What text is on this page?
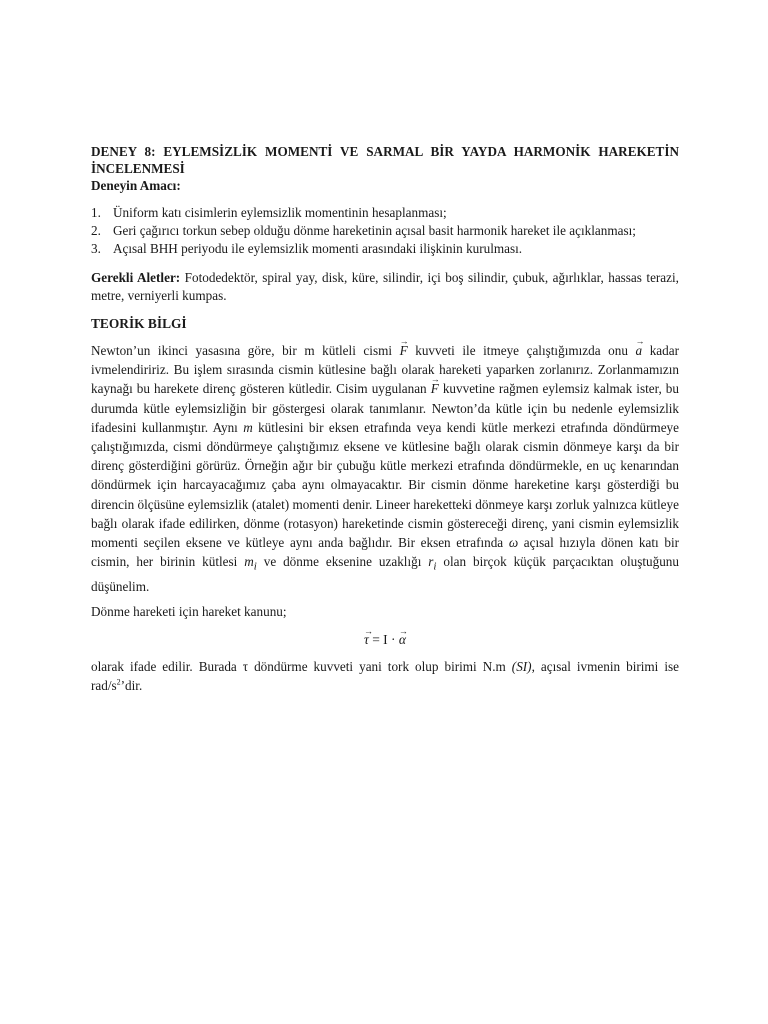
DENEY 8: EYLEMSİZLİK MOMENTİ VE SARMAL BİR YAYDA HARMONİK HAREKETİN İNCELENMESİ

Deneyin Amacı:

1. Üniform katı cisimlerin eylemsizlik momentinin hesaplanması;
2. Geri çağırıcı torkun sebep olduğu dönme hareketinin açısal basit harmonik hareket ile açıklanması;
3. Açısal BHH periyodu ile eylemsizlik momenti arasındaki ilişkinin kurulması.

Gerekli Aletler: Fotodedektör, spiral yay, disk, küre, silindir, içi boş silindir, çubuk, ağırlıklar, hassas terazi, metre, verniyerli kumpas.

TEORİK BİLGİ

Newton’un ikinci yasasına göre, bir m kütleli cismi → F kuvveti ile itmeye çalıştığımızda onu → a kadar ivmelendiririz. Bu işlem sırasında cismin kütlesine bağlı olarak hareketi yaparken zorlanırız. Zorlanmamızın kaynağı bu harekete direnç gösteren kütledir. Cisim uygulanan → F kuvvetine rağmen eylemsiz kalmak ister, bu durumda kütle eylemsizliğin bir göstergesi olarak tanımlanır. Newton’da kütle için bu nedenle eylemsizlik ifadesini kullanmıştır. Aynı m kütlesini bir eksen etrafında veya kendi kütle merkezi etrafında döndürmeye çalıştığımızda, cismi döndürmeye çalıştığımız eksene ve kütlesine bağlı olarak cismin dönmeye karşı da bir direnç gösterdiğini görürüz. Örneğin ağır bir çubuğu kütle merkezi etrafında döndürmekle, en uç kenarından döndürmek için harcayacağımız çaba aynı olmayacaktır. Bir cismin dönme hareketine karşı gösterdiği bu direncin ölçüsüne eylemsizlik (atalet) momenti denir. Lineer hareketteki dönmeye karşı zorluk yalnızca kütleye bağlı olarak ifade edilirken, dönme (rotasyon) hareketinde cismin göstereceği direnç, yani cismin eylemsizlik momenti seçilen eksene ve kütleye aynı anda bağlıdır. Bir eksen etrafında ω açısal hızıyla dönen katı bir cismin, her birinin kütlesi $m_i$ ve dönme eksenine uzaklığı $r_i$ olan birçok küçük parçacıktan oluştuğunu düşünelim.

Dönme hareketi için hareket kanunu;

→ τ = I · → α

olarak ifade edilir. Burada τ döndürme kuvveti yani tork olup birimi N.m (SI), açısal ivmenin birimi ise rad/$s^2’dir$.
